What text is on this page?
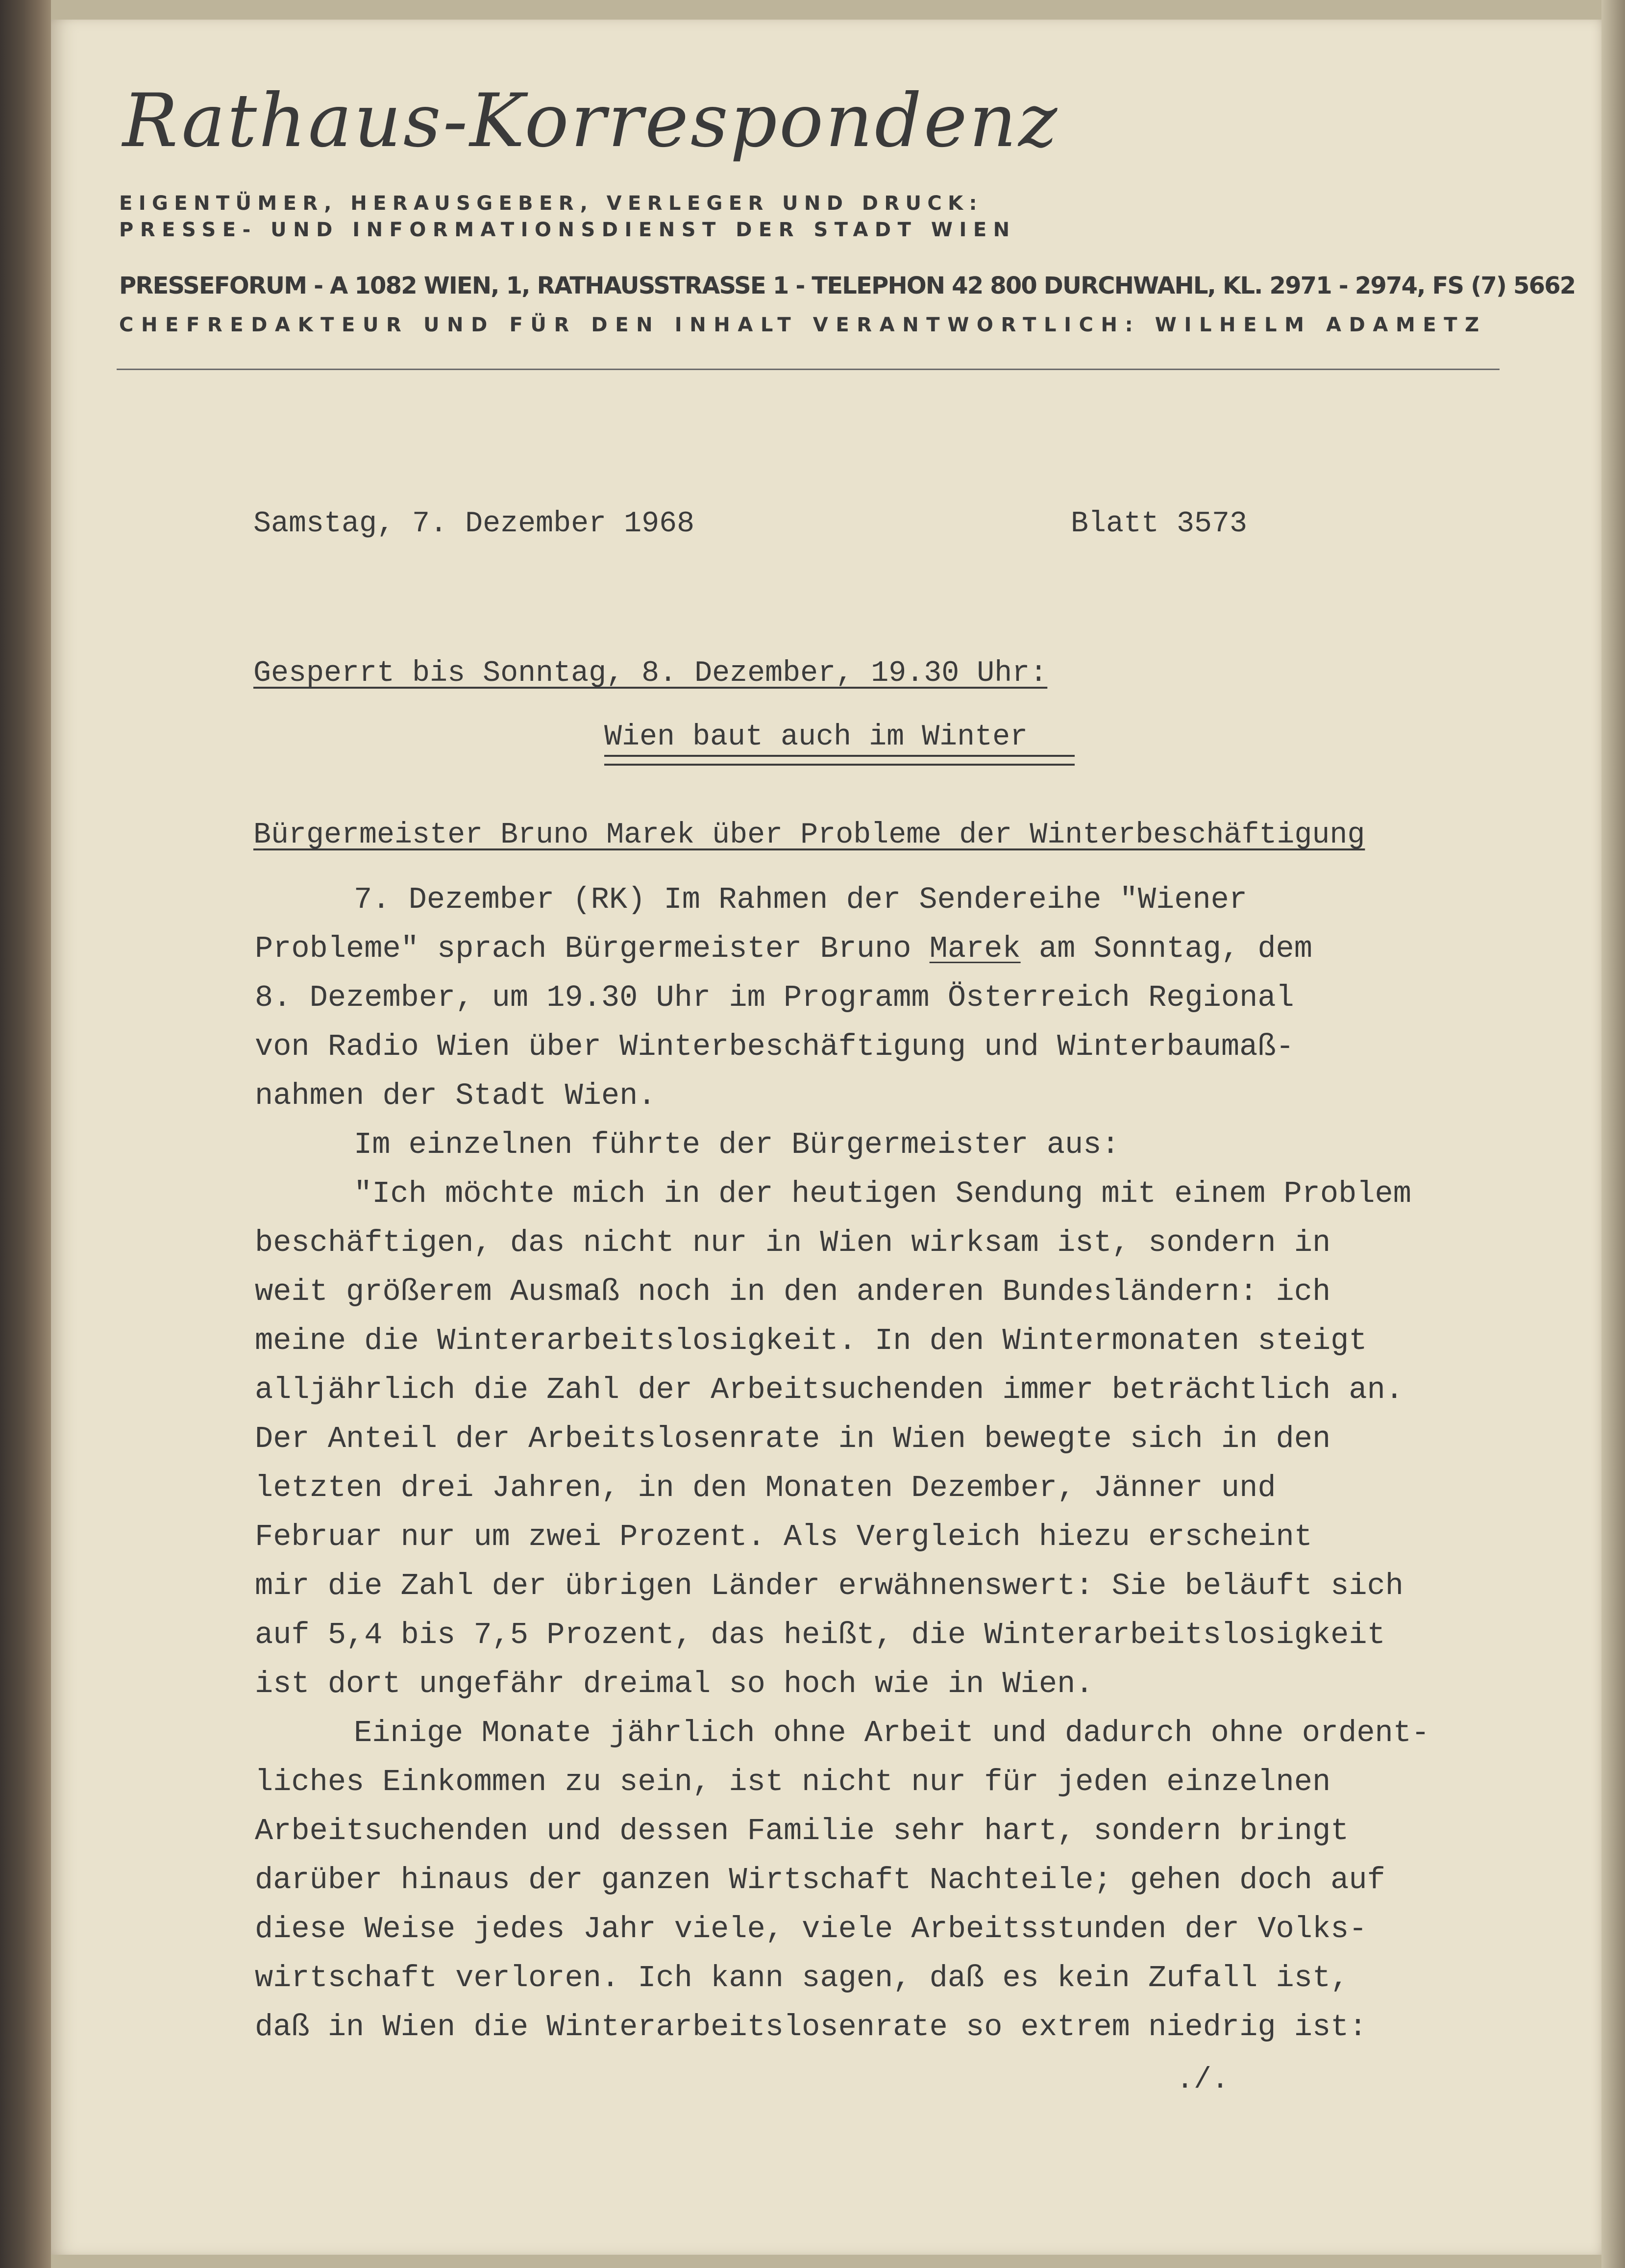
Rathaus-Korrespondenz
EIGENTÜMER, HERAUSGEBER, VERLEGER UND DRUCK:
PRESSE- UND INFORMATIONSDIENST DER STADT WIEN
PRESSEFORUM - A 1082 WIEN, 1, RATHAUSSTRASSE 1 - TELEPHON 42 800 DURCHWAHL, KL. 2971 - 2974, FS (7) 5662
CHEFREDAKTEUR UND FÜR DEN INHALT VERANTWORTLICH: WILHELM ADAMETZ
Samstag, 7. Dezember 1968	Blatt 3573
Gesperrt bis Sonntag, 8. Dezember, 19.30 Uhr:
Wien baut auch im Winter
Bürgermeister Bruno Marek über Probleme der Winterbeschäftigung
7. Dezember (RK) Im Rahmen der Sendereihe "Wiener
Probleme" sprach Bürgermeister Bruno Marek am Sonntag, dem
8. Dezember, um 19.30 Uhr im Programm Österreich Regional
von Radio Wien über Winterbeschäftigung und Winterbaumaß-
nahmen der Stadt Wien.
Im einzelnen führte der Bürgermeister aus:
"Ich möchte mich in der heutigen Sendung mit einem Problem
beschäftigen, das nicht nur in Wien wirksam ist, sondern in
weit größerem Ausmaß noch in den anderen Bundesländern: ich
meine die Winterarbeitslosigkeit. In den Wintermonaten steigt
alljährlich die Zahl der Arbeitsuchenden immer beträchtlich an.
Der Anteil der Arbeitslosenrate in Wien bewegte sich in den
letzten drei Jahren, in den Monaten Dezember, Jänner und
Februar nur um zwei Prozent. Als Vergleich hiezu erscheint
mir die Zahl der übrigen Länder erwähnenswert: Sie beläuft sich
auf 5,4 bis 7,5 Prozent, das heißt, die Winterarbeitslosigkeit
ist dort ungefähr dreimal so hoch wie in Wien.
Einige Monate jährlich ohne Arbeit und dadurch ohne ordent-
liches Einkommen zu sein, ist nicht nur für jeden einzelnen
Arbeitsuchenden und dessen Familie sehr hart, sondern bringt
darüber hinaus der ganzen Wirtschaft Nachteile; gehen doch auf
diese Weise jedes Jahr viele, viele Arbeitsstunden der Volks-
wirtschaft verloren. Ich kann sagen, daß es kein Zufall ist,
daß in Wien die Winterarbeitslosenrate so extrem niedrig ist:
./.
